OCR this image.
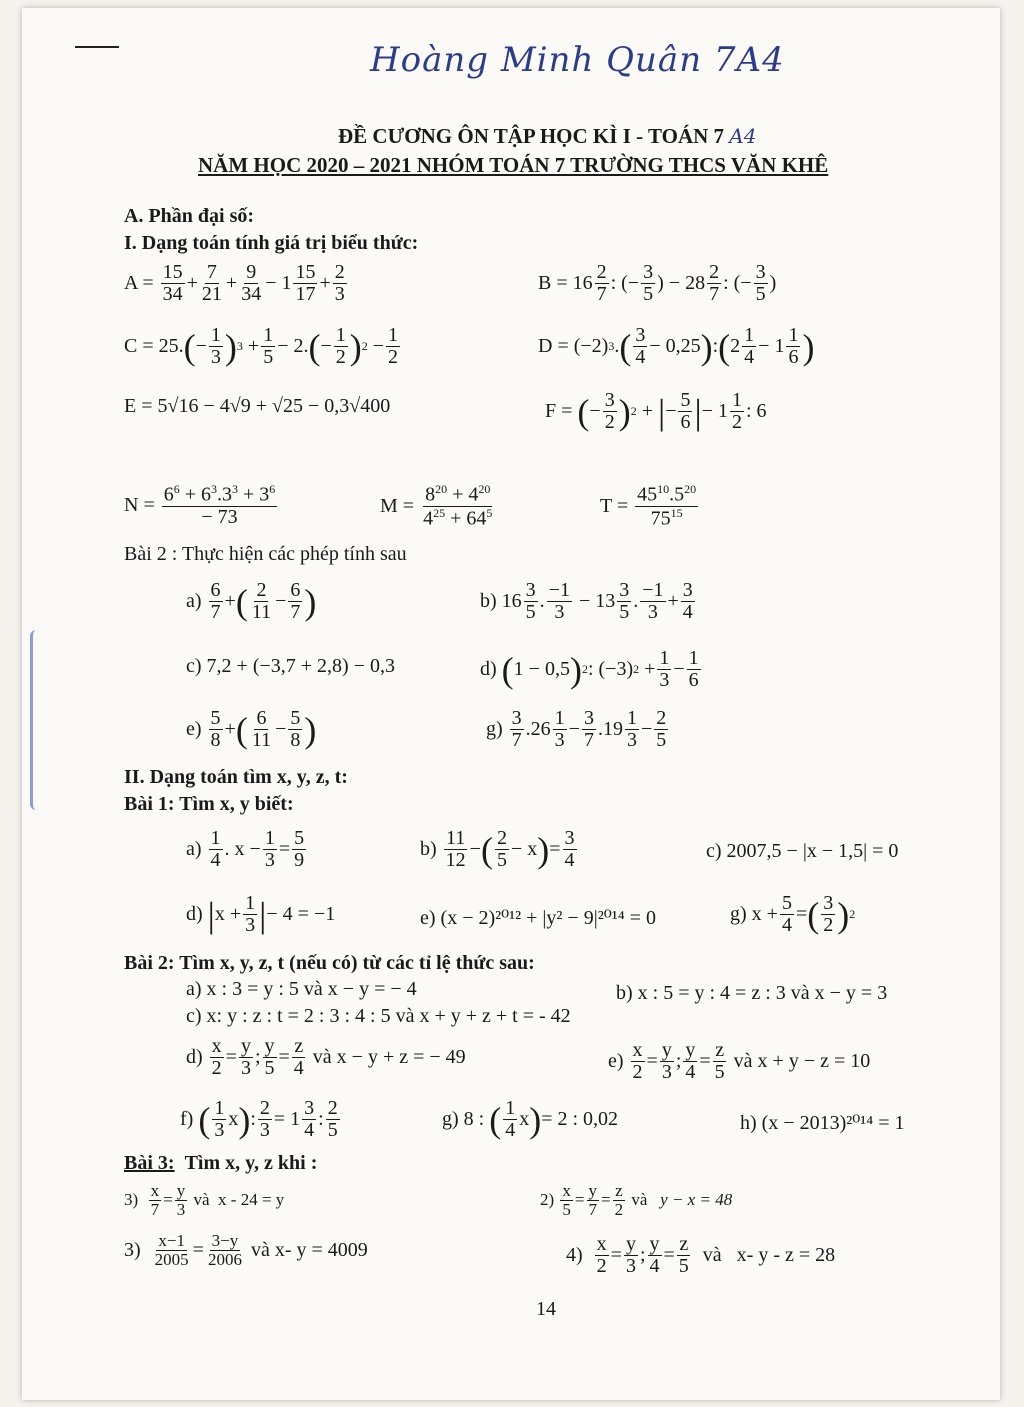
Hoàng Minh Quân 7A4
ĐỀ CƯƠNG ÔN TẬP HỌC KÌ I - TOÁN 7 A4
NĂM HỌC 2020 – 2021 NHÓM TOÁN 7 TRƯỜNG THCS VĂN KHÊ
A. Phần đại số:
I. Dạng toán tính giá trị biểu thức:
$A = \frac{15}{34} + \frac{7}{21} + \frac{9}{34} - 1 \frac{15}{17} + \frac{2}{3}$	$B = 16 \frac{2}{7}$ : (− $\frac{3}{5}$ ) − $28 \frac{2}{7}$ : (− $\frac{3}{5}$ )
C = 25. ( − $\frac{1}{3}$ ) $3 + \frac{1}{5} - 2$. ( − $\frac{1}{2}$ ) $2 - \frac{1}{2}$	D = (−2) 3 . ( $\frac{3}{4} - 0,25$ ) : ( $2 \frac{1}{4} - 1 \frac{1}{6}$ )
E = 5√16 − 4√9 + √25 − 0,3√400	F = ( − $\frac{3}{2}$ ) 2 + | − $\frac{5}{6}$ | − $1 \frac{1}{2}$ : 6
$N = \frac{6^6 + 6^3.3^3 + 3^6}{- 73}$	$M = \frac{8^{20} + 4^{20}}{4^{25} + 64^5}$	$T = \frac{45^{10}.5^{20}}{75^{15}}$
Bài 2 : Thực hiện các phép tính sau
$a) \frac{6}{7}$ + ( $\frac{2}{11} - \frac{6}{7}$ )	b) $16 \frac{3}{5}$ . $\frac{-1}{3} - 13 \frac{3}{5}$ . $\frac{-1}{3} + \frac{3}{4}$
c) 7,2 + (−3,7 + 2,8) − 0,3	d) ( 1 − 0,5 ) 2 : (−3) $2 + \frac{1}{3} - \frac{1}{6}$
$e) \frac{5}{8}$ + ( $\frac{6}{11} - \frac{5}{8}$ )	$g) \frac{3}{7} .26 \frac{1}{3} - \frac{3}{7} .19 \frac{1}{3} - \frac{2}{5}$
II. Dạng toán tìm x, y, z, t:
Bài 1: Tìm x, y biết:
$a) \frac{1}{4}$ . $x - \frac{1}{3} = \frac{5}{9}$	$b) \frac{11}{12}$ − ( $\frac{2}{5} - x$ ) = $\frac{3}{4}$	c) 2007,5 − |x − 1,5| = 0
d) | $x + \frac{1}{3}$ | − 4 = −1	e) (x − 2)²⁰¹² + |y² − 9|²⁰¹⁴ = 0	g) $x + \frac{5}{4}$ = ( $\frac{3}{2}$ ) 2
Bài 2: Tìm x, y, z, t (nếu có) từ các tỉ lệ thức sau:
a) x : 3 = y : 5 và x − y = − 4	b) x : 5 = y : 4 = z : 3 và x − y = 3
c) x: y : z : t = 2 : 3 : 4 : 5 và x + y + z + t = - 42
$d) \frac{x}{2} = \frac{y}{3}$ ; $\frac{y}{5} = \frac{z}{4}$ và x − y + z = − 49	$e) \frac{x}{2} = \frac{y}{3}$ ; $\frac{y}{4} = \frac{z}{5}$ và x + y − z = 10
f) ( $\frac{1}{3}$ x ) : $\frac{2}{3} = 1 \frac{3}{4}$ : $\frac{2}{5}$	g) 8 : ( $\frac{1}{4}$ x ) = 2 : 0,02	h) (x − 2013)²⁰¹⁴ = 1
Bài 3: Tìm x, y, z khi :
$3) \frac{x}{7} = \frac{y}{3}$ và  x - 24 = y	$2) \frac{x}{5} = \frac{y}{7} = \frac{z}{2}$ và y − x = 48
$3) \frac{x-1}{2005} = \frac{3-y}{2006}$ và x- y = 4009	$4) \frac{x}{2} = \frac{y}{3}$ ; $\frac{y}{4} = \frac{z}{5}$ và   x- y - z = 28
14
